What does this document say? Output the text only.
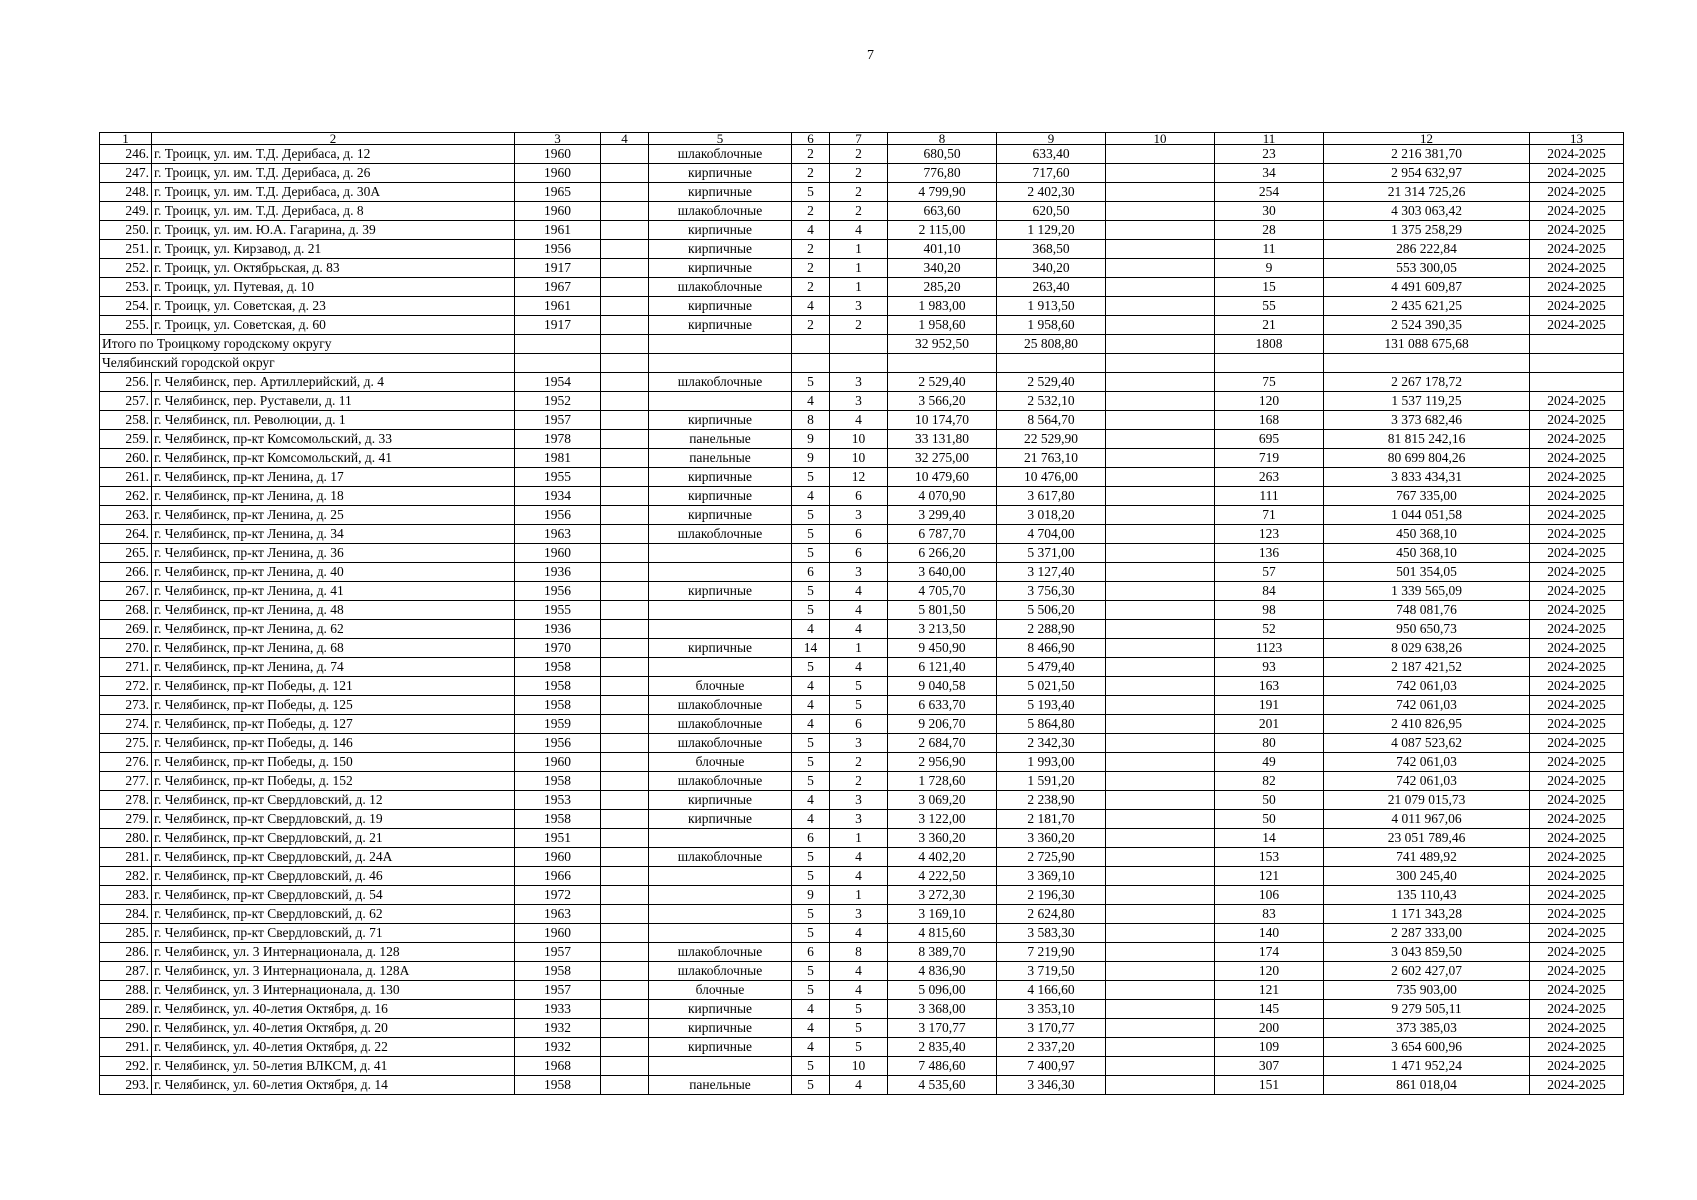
7
1	2	3	4	5	6	7	8	9	10	11	12	13
246.	г. Троицк, ул. им. Т.Д. Дерибаса, д. 12	1960		шлакоблочные	2	2	680,50	633,40		23	2 216 381,70	2024-2025
247.	г. Троицк, ул. им. Т.Д. Дерибаса, д. 26	1960		кирпичные	2	2	776,80	717,60		34	2 954 632,97	2024-2025
248.	г. Троицк, ул. им. Т.Д. Дерибаса, д. 30А	1965		кирпичные	5	2	4 799,90	2 402,30		254	21 314 725,26	2024-2025
249.	г. Троицк, ул. им. Т.Д. Дерибаса, д. 8	1960		шлакоблочные	2	2	663,60	620,50		30	4 303 063,42	2024-2025
250.	г. Троицк, ул. им. Ю.А. Гагарина, д. 39	1961		кирпичные	4	4	2 115,00	1 129,20		28	1 375 258,29	2024-2025
251.	г. Троицк, ул. Кирзавод, д. 21	1956		кирпичные	2	1	401,10	368,50		11	286 222,84	2024-2025
252.	г. Троицк, ул. Октябрьская, д. 83	1917		кирпичные	2	1	340,20	340,20		9	553 300,05	2024-2025
253.	г. Троицк, ул. Путевая, д. 10	1967		шлакоблочные	2	1	285,20	263,40		15	4 491 609,87	2024-2025
254.	г. Троицк, ул. Советская, д. 23	1961		кирпичные	4	3	1 983,00	1 913,50		55	2 435 621,25	2024-2025
255.	г. Троицк, ул. Советская, д. 60	1917		кирпичные	2	2	1 958,60	1 958,60		21	2 524 390,35	2024-2025
Итого по Троицкому городскому округу							32 952,50	25 808,80		1808	131 088 675,68	
Челябинский городской округ												
256.	г. Челябинск, пер. Артиллерийский, д. 4	1954		шлакоблочные	5	3	2 529,40	2 529,40		75	2 267 178,72	
257.	г. Челябинск, пер. Руставели, д. 11	1952			4	3	3 566,20	2 532,10		120	1 537 119,25	2024-2025
258.	г. Челябинск, пл. Революции, д. 1	1957		кирпичные	8	4	10 174,70	8 564,70		168	3 373 682,46	2024-2025
259.	г. Челябинск, пр-кт Комсомольский, д. 33	1978		панельные	9	10	33 131,80	22 529,90		695	81 815 242,16	2024-2025
260.	г. Челябинск, пр-кт Комсомольский, д. 41	1981		панельные	9	10	32 275,00	21 763,10		719	80 699 804,26	2024-2025
261.	г. Челябинск, пр-кт Ленина, д. 17	1955		кирпичные	5	12	10 479,60	10 476,00		263	3 833 434,31	2024-2025
262.	г. Челябинск, пр-кт Ленина, д. 18	1934		кирпичные	4	6	4 070,90	3 617,80		111	767 335,00	2024-2025
263.	г. Челябинск, пр-кт Ленина, д. 25	1956		кирпичные	5	3	3 299,40	3 018,20		71	1 044 051,58	2024-2025
264.	г. Челябинск, пр-кт Ленина, д. 34	1963		шлакоблочные	5	6	6 787,70	4 704,00		123	450 368,10	2024-2025
265.	г. Челябинск, пр-кт Ленина, д. 36	1960			5	6	6 266,20	5 371,00		136	450 368,10	2024-2025
266.	г. Челябинск, пр-кт Ленина, д. 40	1936			6	3	3 640,00	3 127,40		57	501 354,05	2024-2025
267.	г. Челябинск, пр-кт Ленина, д. 41	1956		кирпичные	5	4	4 705,70	3 756,30		84	1 339 565,09	2024-2025
268.	г. Челябинск, пр-кт Ленина, д. 48	1955			5	4	5 801,50	5 506,20		98	748 081,76	2024-2025
269.	г. Челябинск, пр-кт Ленина, д. 62	1936			4	4	3 213,50	2 288,90		52	950 650,73	2024-2025
270.	г. Челябинск, пр-кт Ленина, д. 68	1970		кирпичные	14	1	9 450,90	8 466,90		1123	8 029 638,26	2024-2025
271.	г. Челябинск, пр-кт Ленина, д. 74	1958			5	4	6 121,40	5 479,40		93	2 187 421,52	2024-2025
272.	г. Челябинск, пр-кт Победы, д. 121	1958		блочные	4	5	9 040,58	5 021,50		163	742 061,03	2024-2025
273.	г. Челябинск, пр-кт Победы, д. 125	1958		шлакоблочные	4	5	6 633,70	5 193,40		191	742 061,03	2024-2025
274.	г. Челябинск, пр-кт Победы, д. 127	1959		шлакоблочные	4	6	9 206,70	5 864,80		201	2 410 826,95	2024-2025
275.	г. Челябинск, пр-кт Победы, д. 146	1956		шлакоблочные	5	3	2 684,70	2 342,30		80	4 087 523,62	2024-2025
276.	г. Челябинск, пр-кт Победы, д. 150	1960		блочные	5	2	2 956,90	1 993,00		49	742 061,03	2024-2025
277.	г. Челябинск, пр-кт Победы, д. 152	1958		шлакоблочные	5	2	1 728,60	1 591,20		82	742 061,03	2024-2025
278.	г. Челябинск, пр-кт Свердловский, д. 12	1953		кирпичные	4	3	3 069,20	2 238,90		50	21 079 015,73	2024-2025
279.	г. Челябинск, пр-кт Свердловский, д. 19	1958		кирпичные	4	3	3 122,00	2 181,70		50	4 011 967,06	2024-2025
280.	г. Челябинск, пр-кт Свердловский, д. 21	1951			6	1	3 360,20	3 360,20		14	23 051 789,46	2024-2025
281.	г. Челябинск, пр-кт Свердловский, д. 24А	1960		шлакоблочные	5	4	4 402,20	2 725,90		153	741 489,92	2024-2025
282.	г. Челябинск, пр-кт Свердловский, д. 46	1966			5	4	4 222,50	3 369,10		121	300 245,40	2024-2025
283.	г. Челябинск, пр-кт Свердловский, д. 54	1972			9	1	3 272,30	2 196,30		106	135 110,43	2024-2025
284.	г. Челябинск, пр-кт Свердловский, д. 62	1963			5	3	3 169,10	2 624,80		83	1 171 343,28	2024-2025
285.	г. Челябинск, пр-кт Свердловский, д. 71	1960			5	4	4 815,60	3 583,30		140	2 287 333,00	2024-2025
286.	г. Челябинск, ул. 3 Интернационала, д. 128	1957		шлакоблочные	6	8	8 389,70	7 219,90		174	3 043 859,50	2024-2025
287.	г. Челябинск, ул. 3 Интернационала, д. 128А	1958		шлакоблочные	5	4	4 836,90	3 719,50		120	2 602 427,07	2024-2025
288.	г. Челябинск, ул. 3 Интернационала, д. 130	1957		блочные	5	4	5 096,00	4 166,60		121	735 903,00	2024-2025
289.	г. Челябинск, ул. 40-летия Октября, д. 16	1933		кирпичные	4	5	3 368,00	3 353,10		145	9 279 505,11	2024-2025
290.	г. Челябинск, ул. 40-летия Октября, д. 20	1932		кирпичные	4	5	3 170,77	3 170,77		200	373 385,03	2024-2025
291.	г. Челябинск, ул. 40-летия Октября, д. 22	1932		кирпичные	4	5	2 835,40	2 337,20		109	3 654 600,96	2024-2025
292.	г. Челябинск, ул. 50-летия ВЛКСМ, д. 41	1968			5	10	7 486,60	7 400,97		307	1 471 952,24	2024-2025
293.	г. Челябинск, ул. 60-летия Октября, д. 14	1958		панельные	5	4	4 535,60	3 346,30		151	861 018,04	2024-2025
